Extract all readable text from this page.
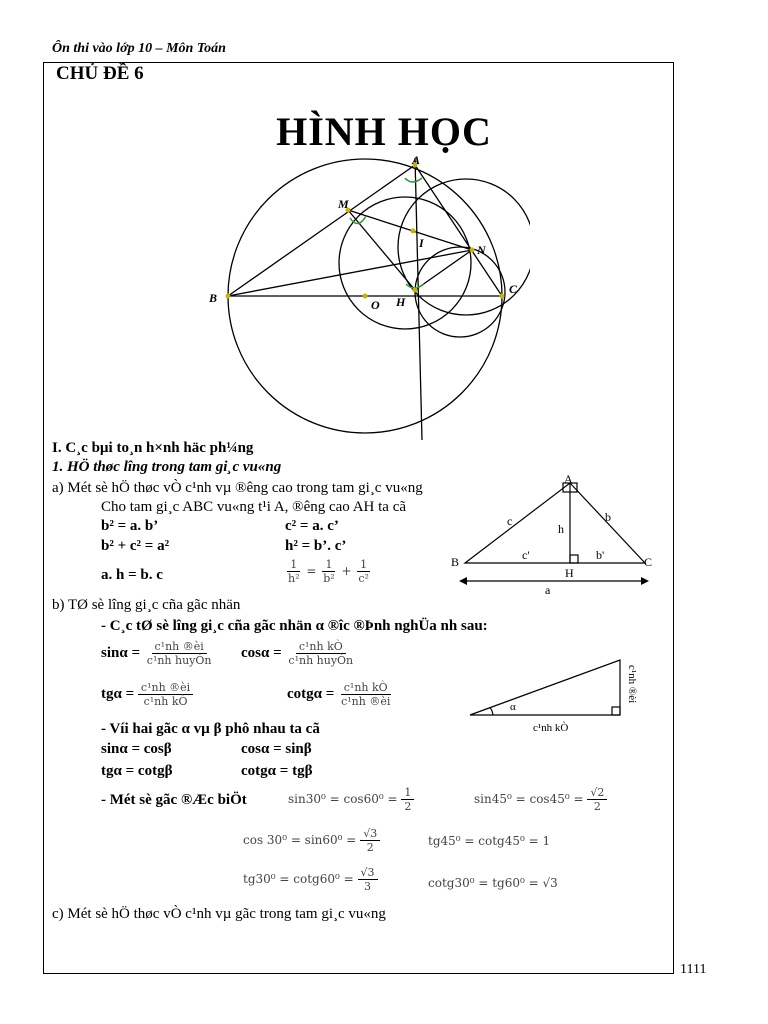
Ôn thi vào lớp 10 – Môn Toán
CHỦ ĐỀ 6
HÌNH HỌC
A
M
I	N
B	O H
C
I. C¸c bµi to¸n h×nh häc ph¼ng
1. HÖ thøc lîng trong tam gi¸c vu«ng
a) Mét sè hÖ thøc vÒ c¹nh vµ ®êng cao trong tam gi¸c vu«ng
Cho tam gi¸c ABC vu«ng t¹i A, ®êng cao AH ta cã
b² = a. b’	c² = a. c’
b² + c² = a²	h² = b’. c’
a. h = b. c	$\frac{1}{\text{h²}} = \frac{1}{\text{b²}} + \frac{1}{\text{c²}}$
A
B	C
H
c	b
h
c'	b'
a
b) TØ sè lîng gi¸c cña gãc nhän
- C¸c tØ sè lîng gi¸c cña gãc nhän α ®îc ®Þnh nghÜa nh sau:
$\sin\alpha = \frac{\text{c¹nh ®èi}}{\text{c¹nh huyÒn}}$ $\cos\alpha = \frac{\text{c¹nh kÒ}}{\text{c¹nh huyÒn}}$
$tg\alpha = \frac{\text{c¹nh ®èi}}{\text{c¹nh kÒ}}$	$\cot g\alpha = \frac{\text{c¹nh kÒ}}{\text{c¹nh ®èi}}$	α
c¹nh kÒ
c¹nh ®èi
- Víi hai gãc α vµ β phô nhau ta cã
sinα = cosβ	cosα = sinβ
tgα = cotgβ	cotgα = tgβ
- Mét sè gãc ®Æc biÖt	$\sin 30^0 = \cos 60^0 = \frac{1}{2}$	$\sin 45^0 = \cos 45^0 = \frac{√2}{2}$
$\cos 30^0 = \sin 60^0 = \frac{√3}{2}$	tg45⁰ = cotg45⁰ = 1
$tg30^0 = \cot g60^0 = \frac{√3}{3}$	cotg30⁰ = tg60⁰ = √3
c) Mét sè hÖ thøc vÒ c¹nh vµ gãc trong tam gi¸c vu«ng
1111
